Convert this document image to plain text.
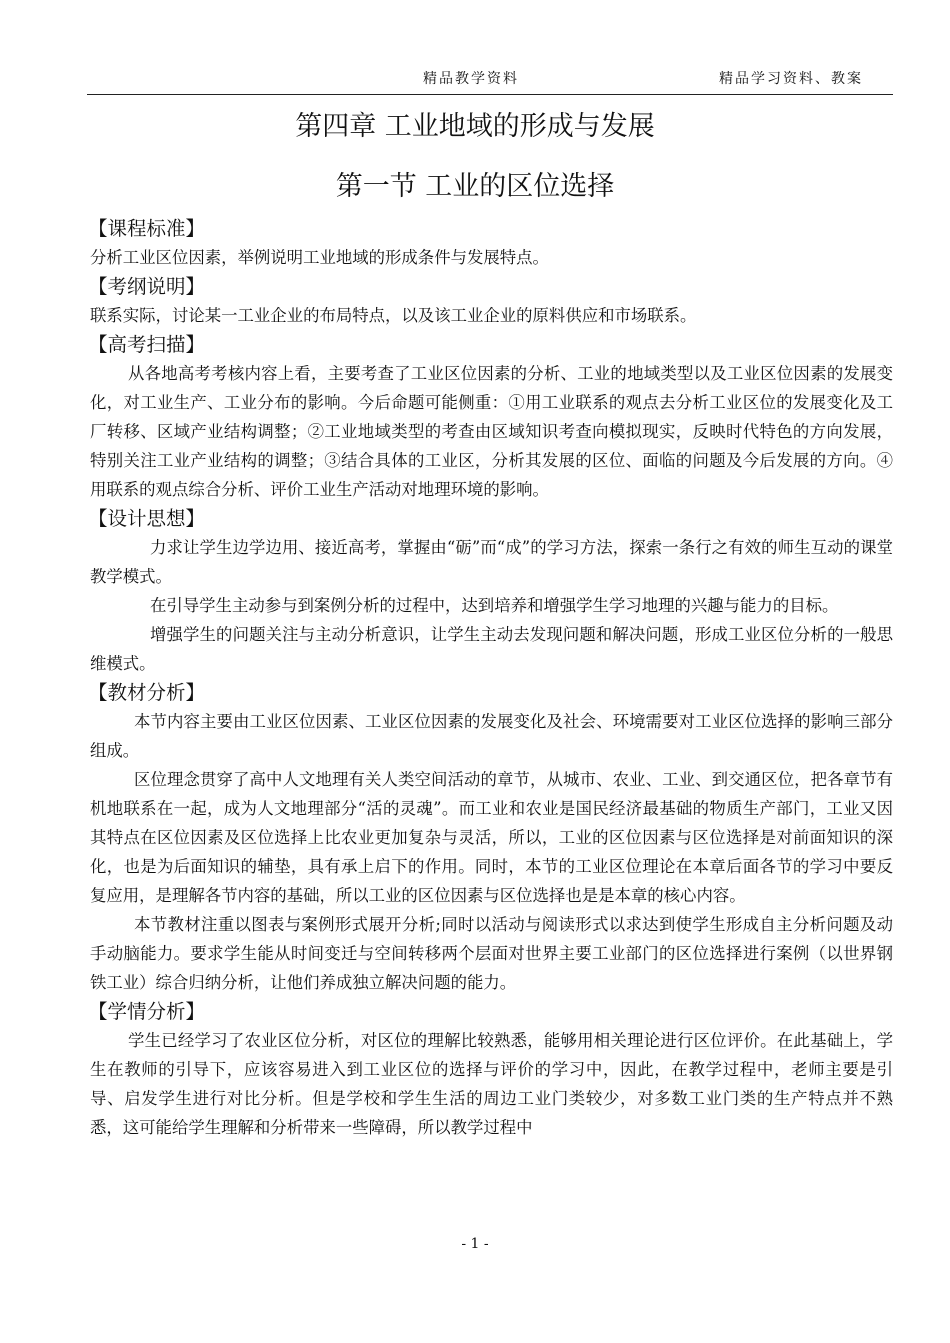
精品教学资料	精品学习资料、教案
第四章 工业地域的形成与发展
第一节 工业的区位选择
【课程标准】

分析工业区位因素，举例说明工业地域的形成条件与发展特点。

【考纲说明】

联系实际，讨论某一工业企业的布局特点，以及该工业企业的原料供应和市场联系。

【高考扫描】

从各地高考考核内容上看，主要考查了工业区位因素的分析、工业的地域类型以及工业区位因素的发展变化，对工业生产、工业分布的影响。今后命题可能侧重：①用工业联系的观点去分析工业区位的发展变化及工厂转移、区域产业结构调整；②工业地域类型的考查由区域知识考查向模拟现实，反映时代特色的方向发展，特别关注工业产业结构的调整；③结合具体的工业区，分析其发展的区位、面临的问题及今后发展的方向。④用联系的观点综合分析、评价工业生产活动对地理环境的影响。

【设计思想】

力求让学生边学边用、接近高考，掌握由“砺”而“成”的学习方法，探索一条行之有效的师生互动的课堂教学模式。

在引导学生主动参与到案例分析的过程中，达到培养和增强学生学习地理的兴趣与能力的目标。

增强学生的问题关注与主动分析意识，让学生主动去发现问题和解决问题，形成工业区位分析的一般思维模式。

【教材分析】

本节内容主要由工业区位因素、工业区位因素的发展变化及社会、环境需要对工业区位选择的影响三部分组成。

区位理念贯穿了高中人文地理有关人类空间活动的章节，从城市、农业、工业、到交通区位，把各章节有机地联系在一起，成为人文地理部分“活的灵魂”。而工业和农业是国民经济最基础的物质生产部门，工业又因其特点在区位因素及区位选择上比农业更加复杂与灵活，所以，工业的区位因素与区位选择是对前面知识的深化，也是为后面知识的辅垫，具有承上启下的作用。同时，本节的工业区位理论在本章后面各节的学习中要反复应用，是理解各节内容的基础，所以工业的区位因素与区位选择也是是本章的核心内容。

本节教材注重以图表与案例形式展开分析;同时以活动与阅读形式以求达到使学生形成自主分析问题及动手动脑能力。要求学生能从时间变迁与空间转移两个层面对世界主要工业部门的区位选择进行案例（以世界钢铁工业）综合归纳分析，让他们养成独立解决问题的能力。

【学情分析】

学生已经学习了农业区位分析，对区位的理解比较熟悉，能够用相关理论进行区位评价。在此基础上，学生在教师的引导下，应该容易进入到工业区位的选择与评价的学习中，因此，在教学过程中，老师主要是引导、启发学生进行对比分析。但是学校和学生生活的周边工业门类较少，对多数工业门类的生产特点并不熟悉，这可能给学生理解和分析带来一些障碍，所以教学过程中

- 1 -
